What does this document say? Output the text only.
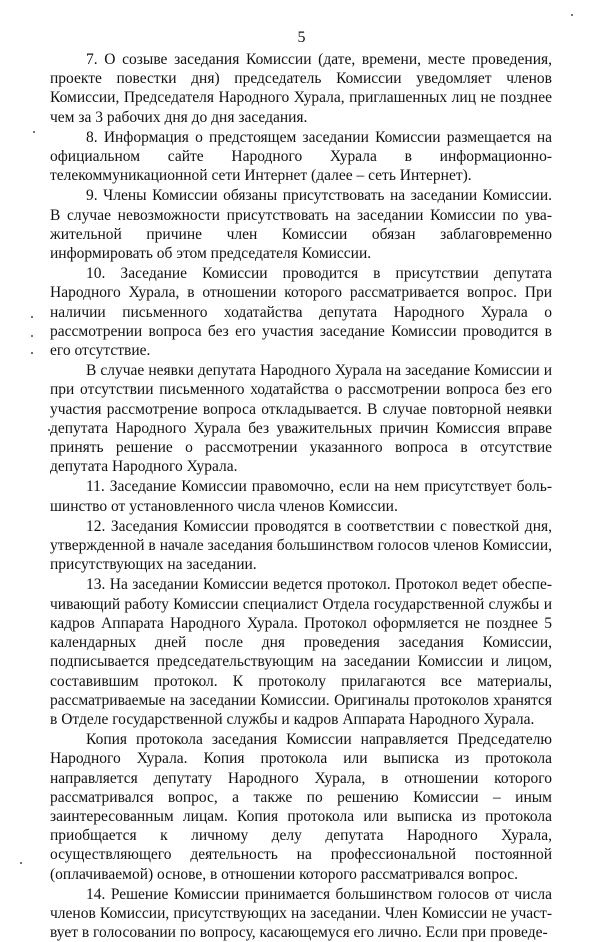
5

7. О созыве заседания Комиссии (дате, времени, месте проведения, проекте повестки дня) председатель Комиссии уведомляет членов Комиссии, Председателя Народного Хурала, приглашенных лиц не позднее чем за 3 рабочих дня до дня заседания.

8. Информация о предстоящем заседании Комиссии размещается на официальном сайте Народного Хурала в информационно-телекоммуникационной сети Интернет (далее – сеть Интернет).

9. Члены Комиссии обязаны присутствовать на заседании Комиссии. В случае невозможности присутствовать на заседании Комиссии по уважительной причине член Комиссии обязан заблаговременно информировать об этом председателя Комиссии.

10. Заседание Комиссии проводится в присутствии депутата Народного Хурала, в отношении которого рассматривается вопрос. При наличии письменного ходатайства депутата Народного Хурала о рассмотрении вопроса без его участия заседание Комиссии проводится в его отсутствие.

В случае неявки депутата Народного Хурала на заседание Комиссии и при отсутствии письменного ходатайства о рассмотрении вопроса без его участия рассмотрение вопроса откладывается. В случае повторной неявки депутата Народного Хурала без уважительных причин Комиссия вправе принять решение о рассмотрении указанного вопроса в отсутствие депутата Народного Хурала.

11. Заседание Комиссии правомочно, если на нем присутствует большинство от установленного числа членов Комиссии.

12. Заседания Комиссии проводятся в соответствии с повесткой дня, утвержденной в начале заседания большинством голосов членов Комиссии, присутствующих на заседании.

13. На заседании Комиссии ведется протокол. Протокол ведет обеспечивающий работу Комиссии специалист Отдела государственной службы и кадров Аппарата Народного Хурала. Протокол оформляется не позднее 5 календарных дней после дня проведения заседания Комиссии, подписывается председательствующим на заседании Комиссии и лицом, составившим протокол. К протоколу прилагаются все материалы, рассматриваемые на заседании Комиссии. Оригиналы протоколов хранятся в Отделе государственной службы и кадров Аппарата Народного Хурала.

Копия протокола заседания Комиссии направляется Председателю Народного Хурала. Копия протокола или выписка из протокола направляется депутату Народного Хурала, в отношении которого рассматривался вопрос, а также по решению Комиссии – иным заинтересованным лицам. Копия протокола или выписка из протокола приобщается к личному делу депутата Народного Хурала, осуществляющего деятельность на профессиональной постоянной (оплачиваемой) основе, в отношении которого рассматривался вопрос.

14. Решение Комиссии принимается большинством голосов от числа членов Комиссии, присутствующих на заседании. Член Комиссии не участвует в голосовании по вопросу, касающемуся его лично. Если при проведе-
